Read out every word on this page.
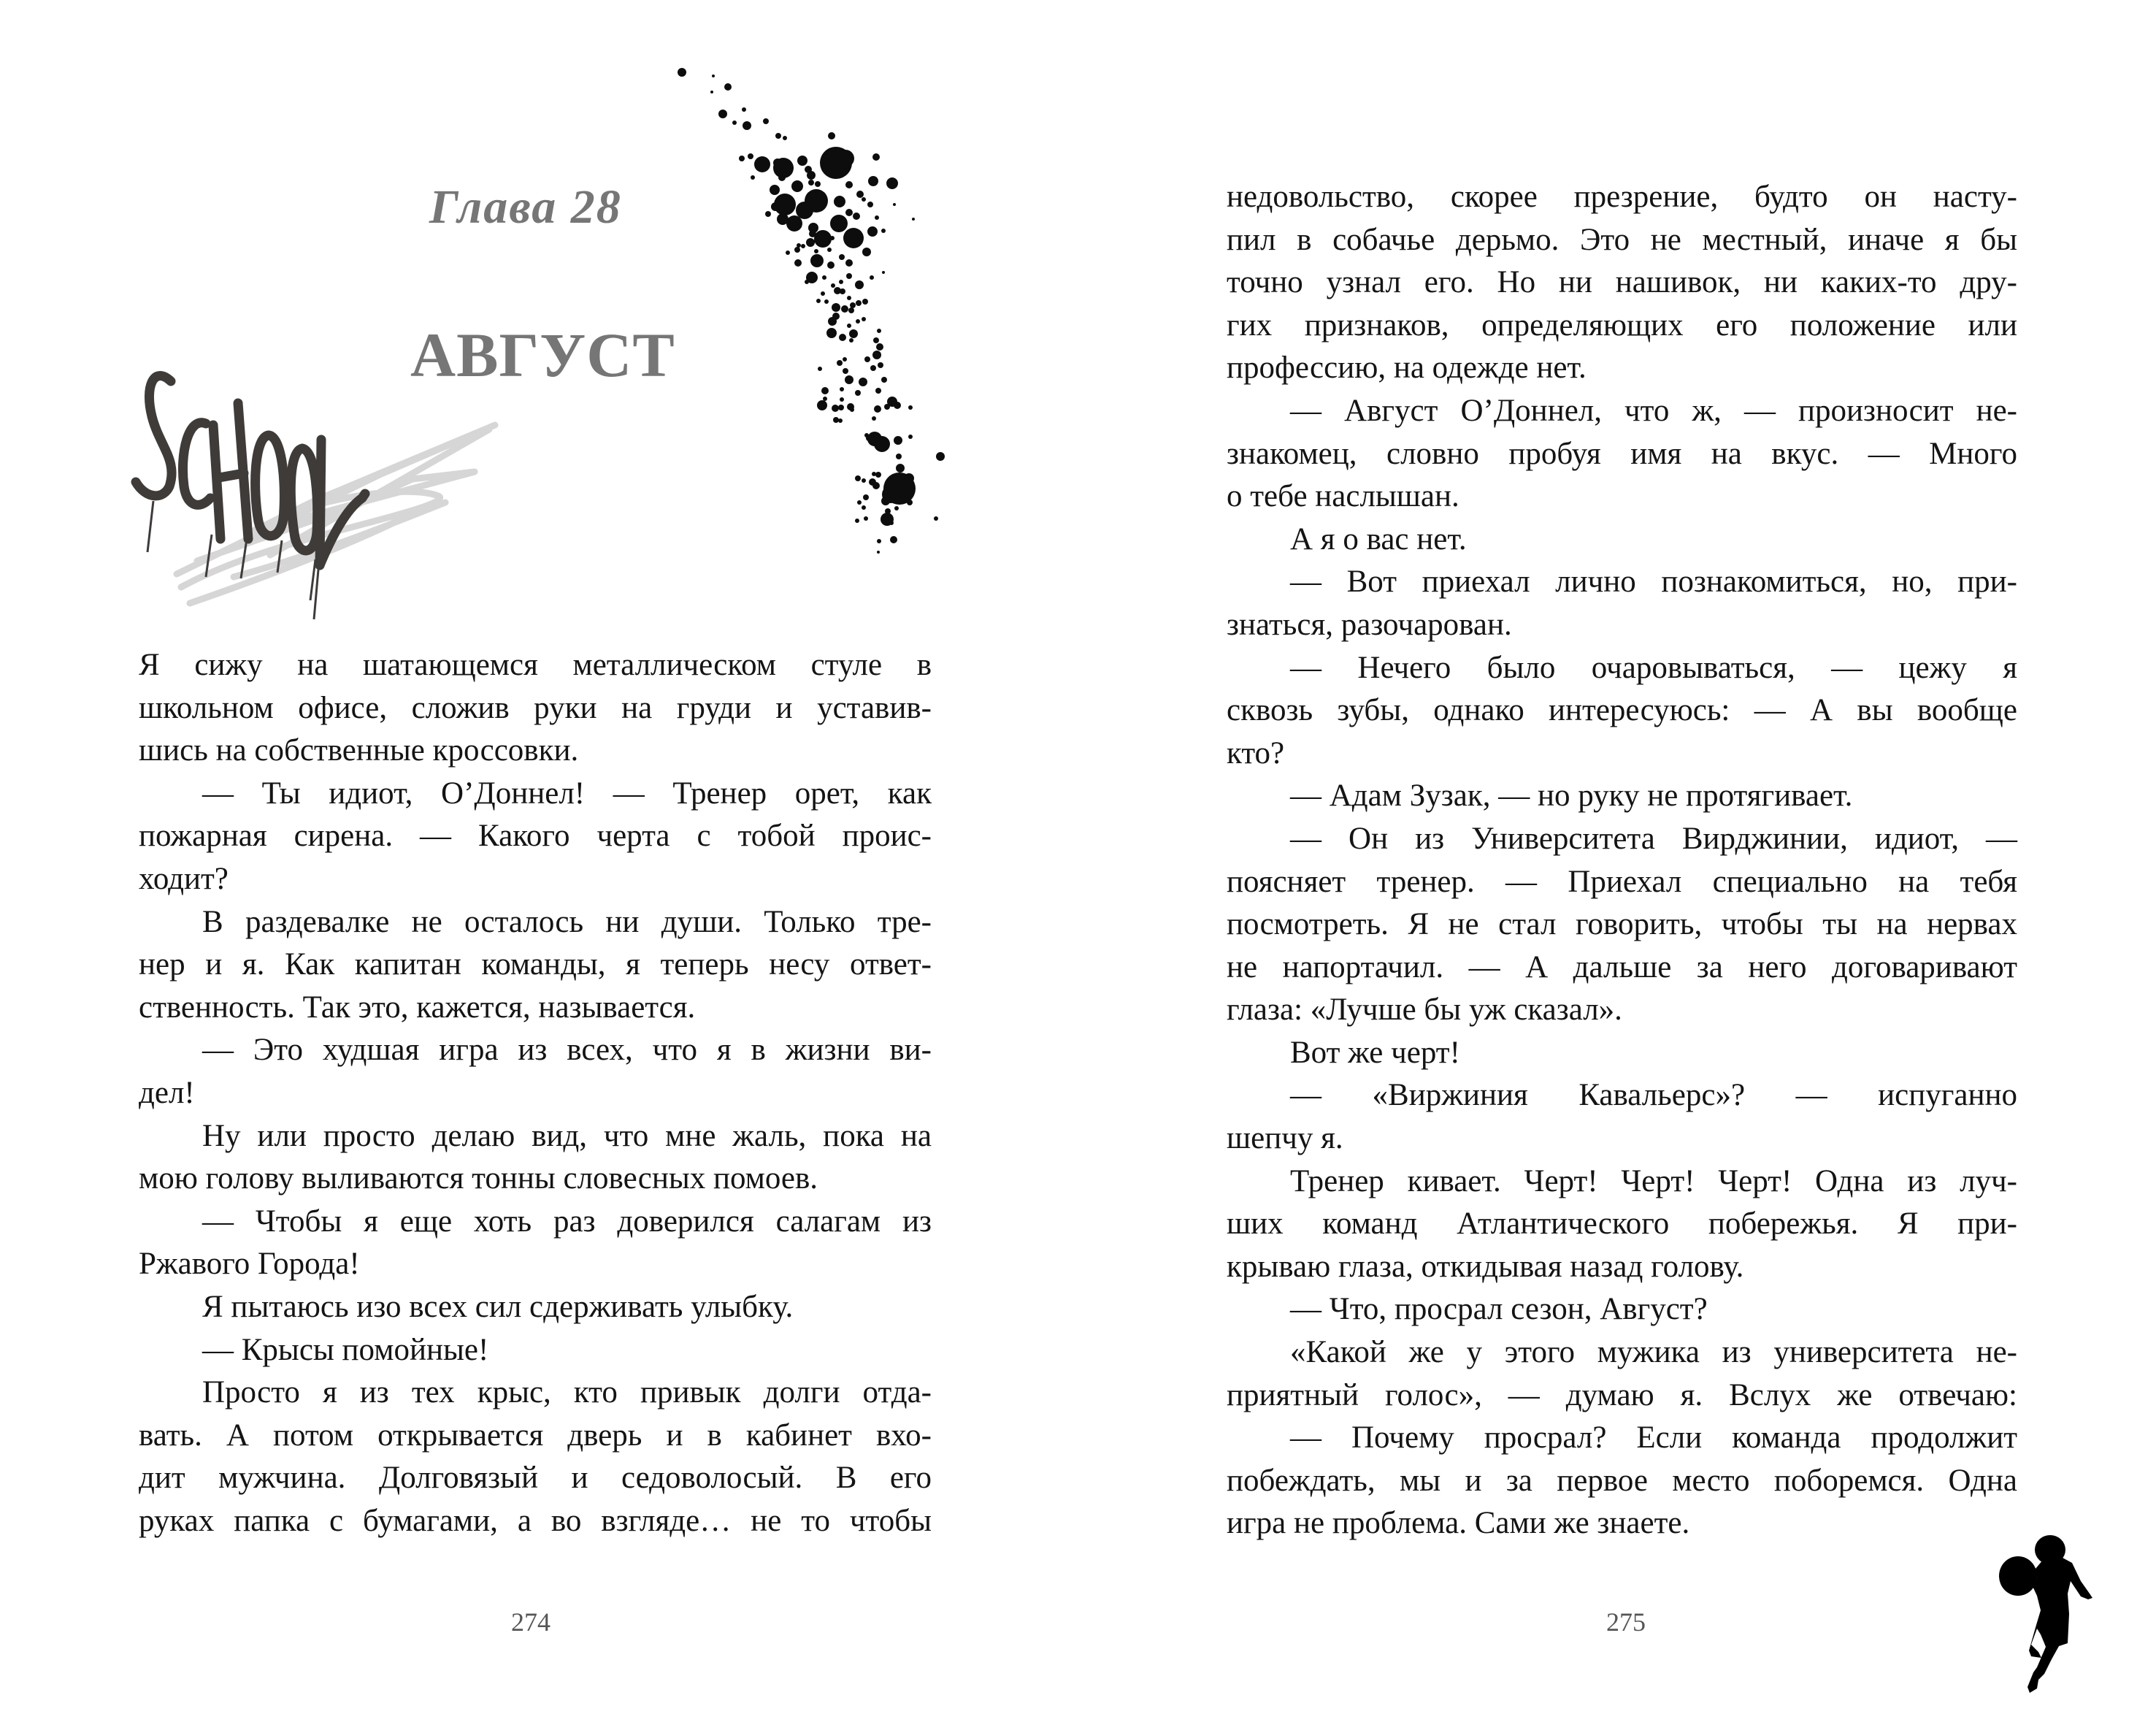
Глава 28
АВГУСТ
Я сижу на шатающемся металлическом стуле в
школьном офисе, сложив руки на груди и уставив-
шись на собственные кроссовки.
— Ты идиот, О’Доннел! — Тренер орет, как
пожарная сирена. — Какого черта с тобой проис-
ходит?
В раздевалке не осталось ни души. Только тре-
нер и я. Как капитан команды, я теперь несу ответ-
ственность. Так это, кажется, называется.
— Это худшая игра из всех, что я в жизни ви-
дел!
Ну или просто делаю вид, что мне жаль, пока на
мою голову выливаются тонны словесных помоев.
— Чтобы я еще хоть раз доверился салагам из
Ржавого Города!
Я пытаюсь изо всех сил сдерживать улыбку.
— Крысы помойные!
Просто я из тех крыс, кто привык долги отда-
вать. А потом открывается дверь и в кабинет вхо-
дит мужчина. Долговязый и седоволосый. В его
руках папка с бумагами, а во взгляде… не то чтобы
274
недовольство, скорее презрение, будто он насту-
пил в собачье дерьмо. Это не местный, иначе я бы
точно узнал его. Но ни нашивок, ни каких-то дру-
гих признаков, определяющих его положение или
профессию, на одежде нет.
— Август О’Доннел, что ж, — произносит не-
знакомец, словно пробуя имя на вкус. — Много
о тебе наслышан.
А я о вас нет.
— Вот приехал лично познакомиться, но, при-
знаться, разочарован.
— Нечего было очаровываться, — цежу я
сквозь зубы, однако интересуюсь: — А вы вообще
кто?
— Адам Зузак, — но руку не протягивает.
— Он из Университета Вирджинии, идиот, —
поясняет тренер. — Приехал специально на тебя
посмотреть. Я не стал говорить, чтобы ты на нервах
не напортачил. — А дальше за него договаривают
глаза: «Лучше бы уж сказал».
Вот же черт!
— «Виржиния Кавальерс»? — испуганно
шепчу я.
Тренер кивает. Черт! Черт! Черт! Одна из луч-
ших команд Атлантического побережья. Я при-
крываю глаза, откидывая назад голову.
— Что, просрал сезон, Август?
«Какой же у этого мужика из университета не-
приятный голос», — думаю я. Вслух же отвечаю:
— Почему просрал? Если команда продолжит
побеждать, мы и за первое место поборемся. Одна
игра не проблема. Сами же знаете.
275
